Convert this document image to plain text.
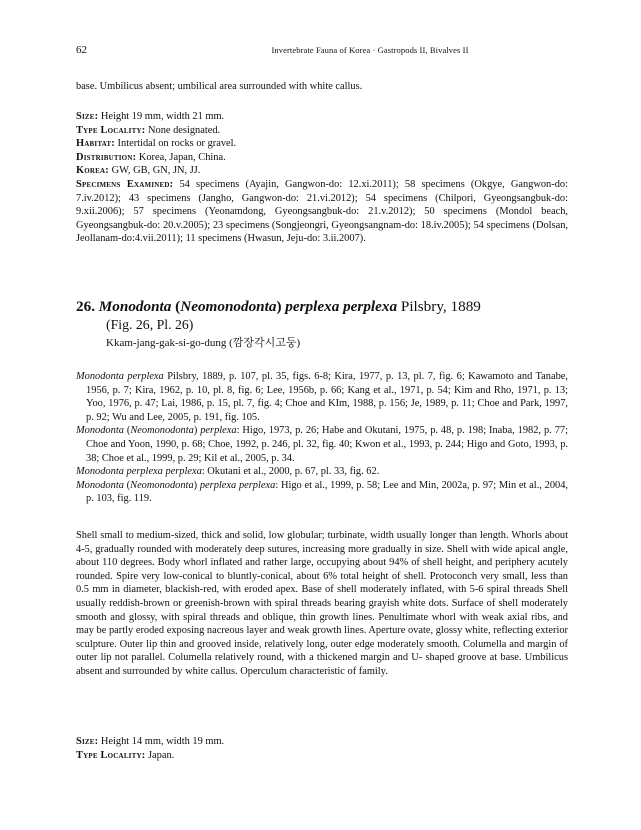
62	Invertebrate Fauna of Korea · Gastropods II, Bivalves II
base. Umbilicus absent; umbilical area surrounded with white callus.

Size: Height 19 mm, width 21 mm.

Type Locality: None designated.

Habitat: Intertidal on rocks or gravel.

Distribution: Korea, Japan, China.

Korea: GW, GB, GN, JN, JJ.

Specimens Examined: 54 specimens (Ayajin, Gangwon-do: 12.xi.2011); 58 specimens (Okgye, Gangwon-do: 7.iv.2012); 43 specimens (Jangho, Gangwon-do: 21.vi.2012); 54 specimens (Chilpori, Gyeongsangbuk-do: 9.xii.2006); 57 specimens (Yeonamdong, Gyeongsangbuk-do: 21.v.2012); 50 specimens (Mondol beach, Gyeongsangbuk-do: 20.v.2005); 23 specimens (Songjeongri, Gyeongsangnam-do: 18.iv.2005); 54 specimens (Dolsan, Jeollanam-do:4.vii.2011); 11 specimens (Hwasun, Jeju-do: 3.ii.2007).

26. Monodonta (Neomonodonta) perplexa perplexa Pilsbry, 1889
(Fig. 26, Pl. 26)
Kkam-jang-gak-si-go-dung (깜장각시고둥)

Monodonta perplexa Pilsbry, 1889, p. 107, pl. 35, figs. 6-8; Kira, 1977, p. 13, pl. 7, fig. 6; Kawamoto and Tanabe, 1956, p. 7; Kira, 1962, p. 10, pl. 8, fig. 6; Lee, 1956b, p. 66; Kang et al., 1971, p. 54; Kim and Rho, 1971, p. 13; Yoo, 1976, p. 47; Lai, 1986, p. 15, pl. 7, fig. 4; Choe and KIm, 1988, p. 156; Je, 1989, p. 11; Choe and Park, 1997, p. 92; Wu and Lee, 2005, p. 191, fig. 105.

Monodonta (Neomonodonta) perplexa: Higo, 1973, p. 26; Habe and Okutani, 1975, p. 48, p. 198; Inaba, 1982, p. 77; Choe and Yoon, 1990, p. 68; Choe, 1992, p. 246, pl. 32, fig. 40; Kwon et al., 1993, p. 244; Higo and Goto, 1993, p. 38; Choe et al., 1999, p. 29; Kil et al., 2005, p. 34.

Monodonta perplexa perplexa: Okutani et al., 2000, p. 67, pl. 33, fig. 62.

Monodonta (Neomonodonta) perplexa perplexa: Higo et al., 1999, p. 58; Lee and Min, 2002a, p. 97; Min et al., 2004, p. 103, fig. 119.

Shell small to medium-sized, thick and solid, low globular; turbinate, width usually longer than length. Whorls about 4-5, gradually rounded with moderately deep sutures, increasing more gradually in size. Shell with wide apical angle, about 110 degrees. Body whorl inflated and rather large, occupying about 94% of shell height, and periphery acutely rounded. Spire very low-conical to bluntly-conical, about 6% total height of shell. Protoconch very small, less than 0.5 mm in diameter, blackish-red, with eroded apex. Base of shell moderately inflated, with 5-6 spiral threads Shell usually reddish-brown or greenish-brown with spiral threads bearing grayish white dots. Surface of shell moderately smooth and glossy, with spiral threads and oblique, thin growth lines. Penultimate whorl with weak axial ribs, and may be partly eroded exposing nacreous layer and weak growth lines. Aperture ovate, glossy white, reflecting exterior sculpture. Outer lip thin and grooved inside, relatively long, outer edge moderately smooth. Columella and margin of outer lip not parallel. Columella relatively round, with a thickened margin and U- shaped groove at base. Umbilicus absent and surrounded by white callus. Operculum characteristic of family.

Size: Height 14 mm, width 19 mm.

Type Locality: Japan.
